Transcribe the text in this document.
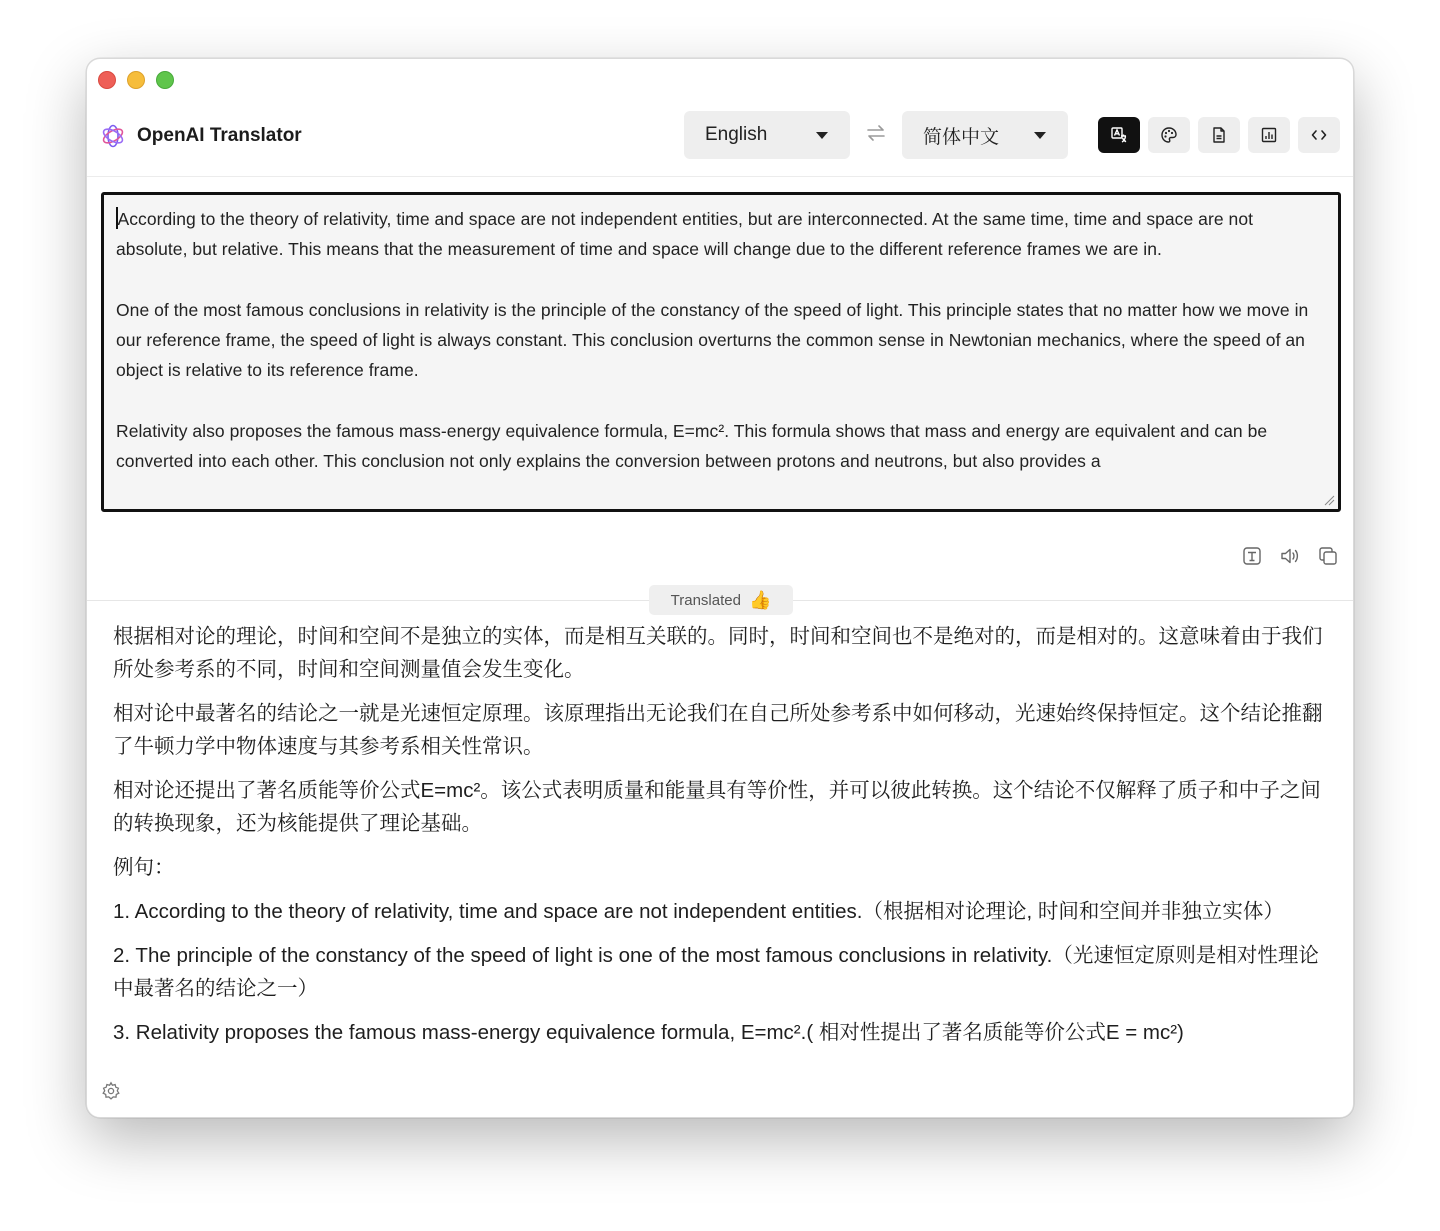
OpenAI Translator	English	简体中文

According to the theory of relativity, time and space are not independent entities, but are interconnected. At the same time, time and space are not absolute, but relative. This means that the measurement of time and space will change due to the different reference frames we are in.

One of the most famous conclusions in relativity is the principle of the constancy of the speed of light. This principle states that no matter how we move in our reference frame, the speed of light is always constant. This conclusion overturns the common sense in Newtonian mechanics, where the speed of an object is relative to its reference frame.

Relativity also proposes the famous mass-energy equivalence formula, E=mc². This formula shows that mass and energy are equivalent and can be converted into each other. This conclusion not only explains the conversion between protons and neutrons, but also provides a

Translated 👍

根据相对论的理论，时间和空间不是独立的实体，而是相互关联的。同时，时间和空间也不是绝对的，而是相对的。这意味着由于我们所处参考系的不同，时间和空间测量值会发生变化。

相对论中最著名的结论之一就是光速恒定原理。该原理指出无论我们在自己所处参考系中如何移动，光速始终保持恒定。这个结论推翻了牛顿力学中物体速度与其参考系相关性常识。

相对论还提出了著名质能等价公式E=mc²。该公式表明质量和能量具有等价性，并可以彼此转换。这个结论不仅解释了质子和中子之间的转换现象，还为核能提供了理论基础。

例句：

1. According to the theory of relativity, time and space are not independent entities.（根据相对论理论, 时间和空间并非独立实体）

2. The principle of the constancy of the speed of light is one of the most famous conclusions in relativity.（光速恒定原则是相对性理论中最著名的结论之一）

3. Relativity proposes the famous mass-energy equivalence formula, E=mc².( 相对性提出了著名质能等价公式E = mc²)
